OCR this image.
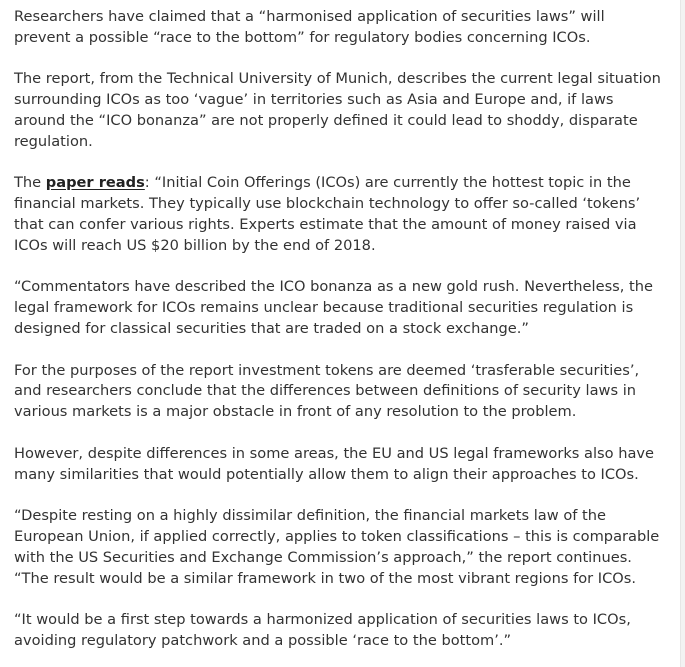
Researchers have claimed that a “harmonised application of securities laws” will prevent a possible “race to the bottom” for regulatory bodies concerning ICOs.

The report, from the Technical University of Munich, describes the current legal situation surrounding ICOs as too ‘vague’ in territories such as Asia and Europe and, if laws around the “ICO bonanza” are not properly defined it could lead to shoddy, disparate regulation.

The paper reads: “Initial Coin Offerings (ICOs) are currently the hottest topic in the financial markets. They typically use blockchain technology to offer so-called ‘tokens’ that can confer various rights. Experts estimate that the amount of money raised via ICOs will reach US $20 billion by the end of 2018.

“Commentators have described the ICO bonanza as a new gold rush. Nevertheless, the legal framework for ICOs remains unclear because traditional securities regulation is designed for classical securities that are traded on a stock exchange.”

For the purposes of the report investment tokens are deemed ‘trasferable securities’, and researchers conclude that the differences between definitions of security laws in various markets is a major obstacle in front of any resolution to the problem.

However, despite differences in some areas, the EU and US legal frameworks also have many similarities that would potentially allow them to align their approaches to ICOs.

“Despite resting on a highly dissimilar definition, the financial markets law of the European Union, if applied correctly, applies to token classifications – this is comparable with the US Securities and Exchange Commission’s approach,” the report continues. “The result would be a similar framework in two of the most vibrant regions for ICOs.

“It would be a first step towards a harmonized application of securities laws to ICOs, avoiding regulatory patchwork and a possible ‘race to the bottom’.”
